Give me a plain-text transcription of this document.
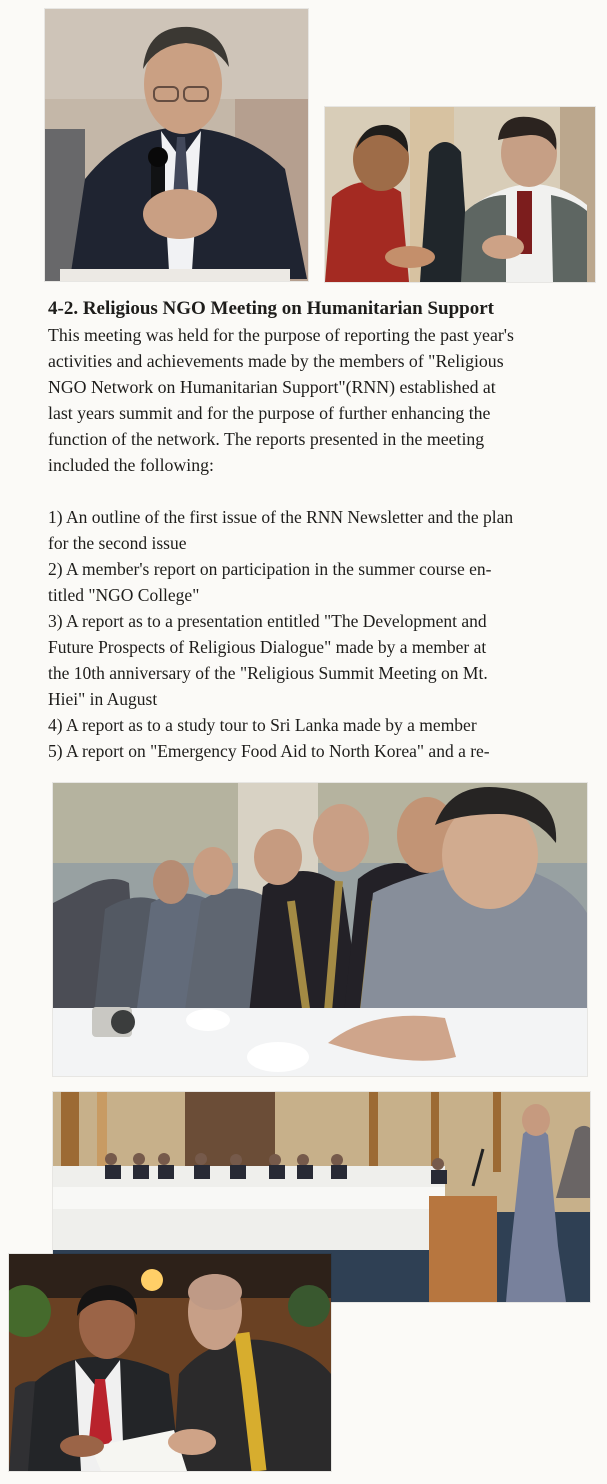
4-2. Religious NGO Meeting on Humanitarian Support

This meeting was held for the purpose of reporting the past year's
activities and achievements made by the members of "Religious
NGO Network on Humanitarian Support"(RNN) established at
last years summit and for the purpose of further enhancing the
function of the network. The reports presented in the meeting
included the following:

1) An outline of the first issue of the RNN Newsletter and the plan
for the second issue
2) A member's report on participation in the summer course en-
titled "NGO College"
3) A report as to a presentation entitled "The Development and
Future Prospects of Religious Dialogue" made by a member at
the 10th anniversary of the "Religious Summit Meeting on Mt.
Hiei" in August
4) A report as to a study tour to Sri Lanka made by a member
5) A report on "Emergency Food Aid to North Korea" and a re-
